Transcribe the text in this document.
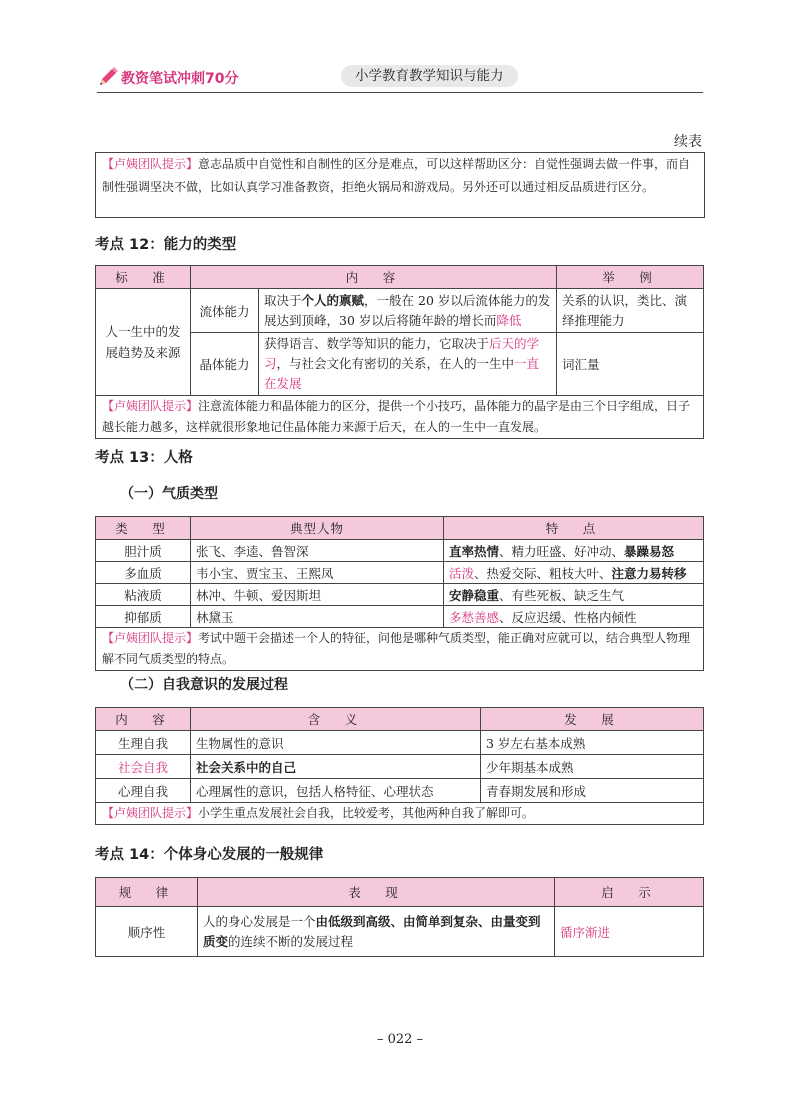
教资笔试冲刺70分	小学教育教学知识与能力
续表
【卢姨团队提示】意志品质中自觉性和自制性的区分是难点，可以这样帮助区分：自觉性强调去做一件事，而自制性强调坚决不做，比如认真学习准备教资，拒绝火锅局和游戏局。另外还可以通过相反品质进行区分。
考点 12：能力的类型
标　准	内　容		举　例
人一生中的发展趋势及来源	流体能力	取决于个人的禀赋，一般在 20 岁以后流体能力的发展达到顶峰，30 岁以后将随年龄的增长而降低	关系的认识，类比、演绎推理能力
	晶体能力	获得语言、数学等知识的能力，它取决于后天的学习，与社会文化有密切的关系，在人的一生中一直在发展	词汇量
【卢姨团队提示】注意流体能力和晶体能力的区分，提供一个小技巧，晶体能力的晶字是由三个日字组成，日子越长能力越多，这样就很形象地记住晶体能力来源于后天，在人的一生中一直发展。			
考点 13：人格
（一）气质类型
类　型	典型人物	特　点
胆汁质	张飞、李逵、鲁智深	直率热情、精力旺盛、好冲动、暴躁易怒
多血质	韦小宝、贾宝玉、王熙凤	活泼、热爱交际、粗枝大叶、注意力易转移
粘液质	林冲、牛顿、爱因斯坦	安静稳重、有些死板、缺乏生气
抑郁质	林黛玉	多愁善感、反应迟缓、性格内倾性
【卢姨团队提示】考试中题干会描述一个人的特征，问他是哪种气质类型，能正确对应就可以，结合典型人物理解不同气质类型的特点。		
（二）自我意识的发展过程
内　容	含　义	发　展
生理自我	生物属性的意识	3 岁左右基本成熟
社会自我	社会关系中的自己	少年期基本成熟
心理自我	心理属性的意识，包括人格特征、心理状态	青春期发展和形成
【卢姨团队提示】小学生重点发展社会自我，比较爱考，其他两种自我了解即可。		
考点 14：个体身心发展的一般规律
规　律	表　现	启　示
顺序性	人的身心发展是一个由低级到高级、由简单到复杂、由量变到质变的连续不断的发展过程	循序渐进
– 022 –
